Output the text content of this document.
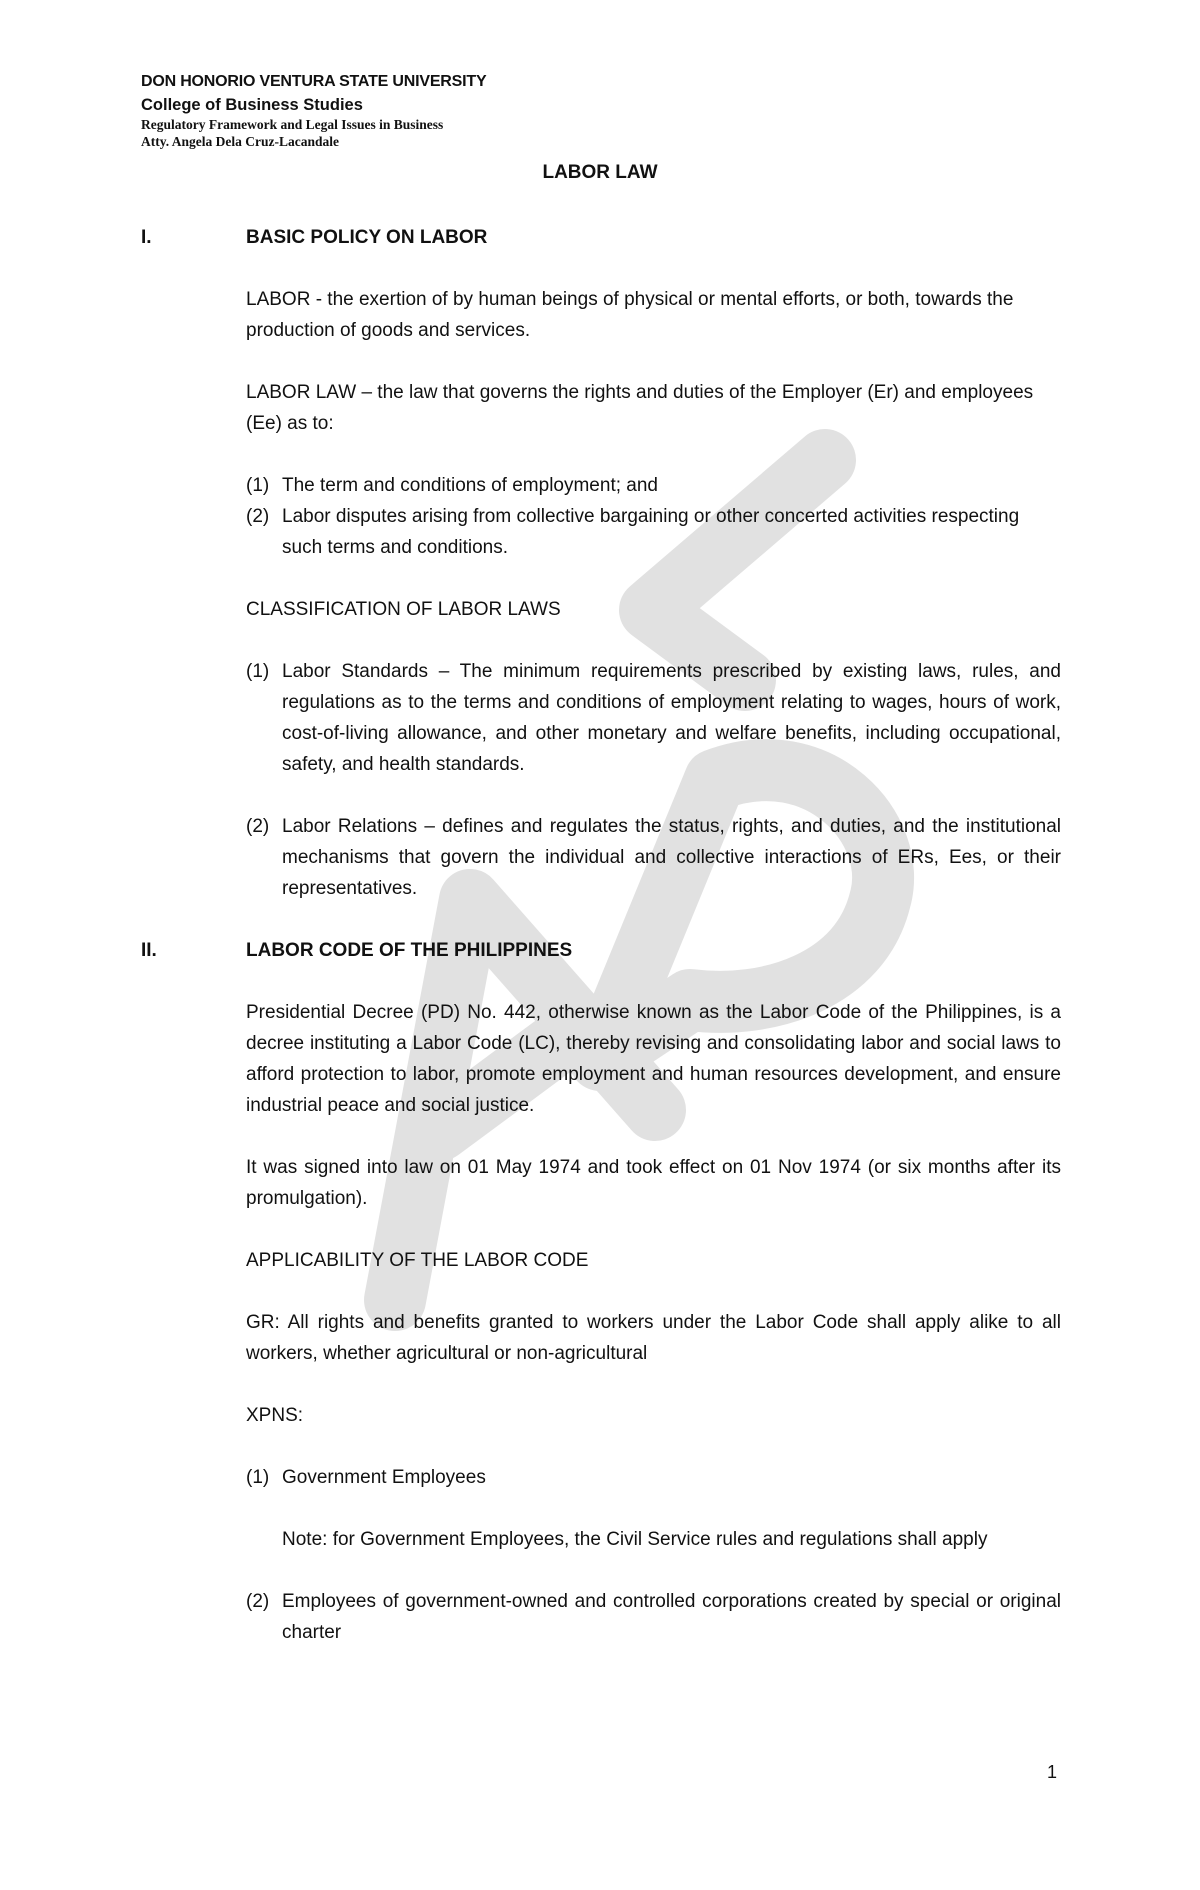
DON HONORIO VENTURA STATE UNIVERSITY
College of Business Studies
Regulatory Framework and Legal Issues in Business
Atty. Angela Dela Cruz-Lacandale
LABOR LAW
I.	BASIC POLICY ON LABOR

LABOR - the exertion of by human beings of physical or mental efforts, or both, towards the production of goods and services.

LABOR LAW – the law that governs the rights and duties of the Employer (Er) and employees (Ee) as to:

(1) The term and conditions of employment; and
(2) Labor disputes arising from collective bargaining or other concerted activities respecting such terms and conditions.

CLASSIFICATION OF LABOR LAWS

(1) Labor Standards – The minimum requirements prescribed by existing laws, rules, and regulations as to the terms and conditions of employment relating to wages, hours of work, cost-of-living allowance, and other monetary and welfare benefits, including occupational, safety, and health standards.
(2) Labor Relations – defines and regulates the status, rights, and duties, and the institutional mechanisms that govern the individual and collective interactions of ERs, Ees, or their representatives.
II.	LABOR CODE OF THE PHILIPPINES

Presidential Decree (PD) No. 442, otherwise known as the Labor Code of the Philippines, is a decree instituting a Labor Code (LC), thereby revising and consolidating labor and social laws to afford protection to labor, promote employment and human resources development, and ensure industrial peace and social justice.

It was signed into law on 01 May 1974 and took effect on 01 Nov 1974 (or six months after its promulgation).

APPLICABILITY OF THE LABOR CODE

GR: All rights and benefits granted to workers under the Labor Code shall apply alike to all workers, whether agricultural or non-agricultural

XPNS:

(1) Government Employees

Note: for Government Employees, the Civil Service rules and regulations shall apply

(2) Employees of government-owned and controlled corporations created by special or original charter
1
